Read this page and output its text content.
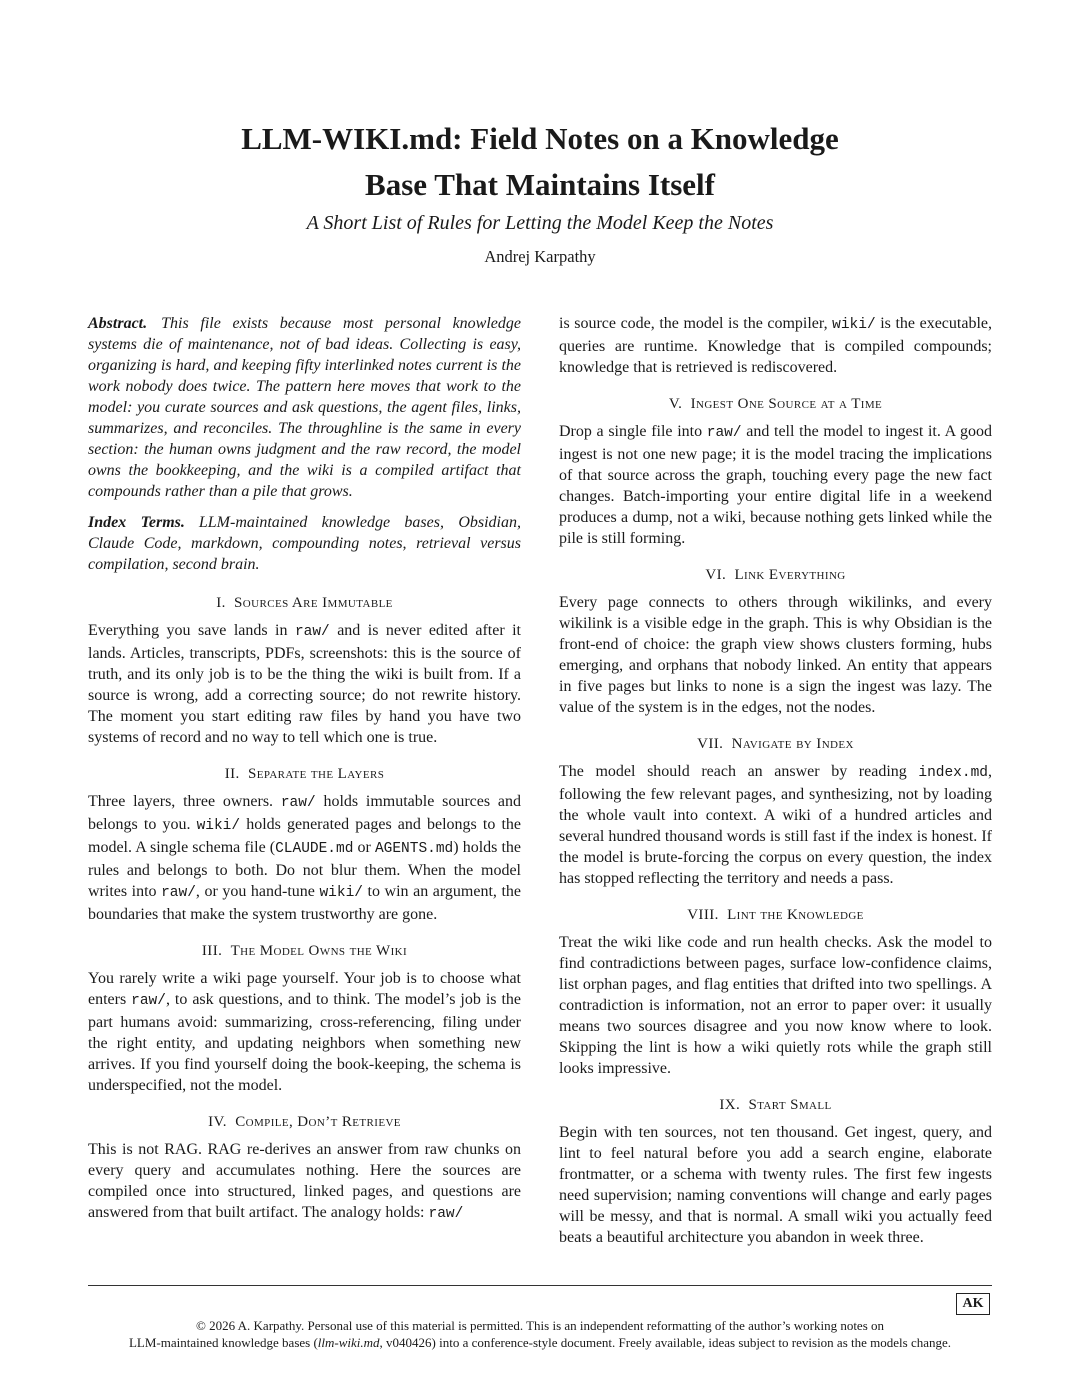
LLM-WIKI.md: Field Notes on a Knowledge
Base That Maintains Itself
A Short List of Rules for Letting the Model Keep the Notes
Andrej Karpathy

Abstract. This file exists because most personal knowledge systems die of maintenance, not of bad ideas. Collecting is easy, organizing is hard, and keeping fifty interlinked notes current is the work nobody does twice. The pattern here moves that work to the model: you curate sources and ask questions, the agent files, links, summarizes, and reconciles. The throughline is the same in every section: the human owns judgment and the raw record, the model owns the bookkeeping, and the wiki is a compiled artifact that compounds rather than a pile that grows.

Index Terms. LLM-maintained knowledge bases, Obsidian, Claude Code, markdown, compounding notes, retrieval versus compilation, second brain.

I. Sources Are Immutable

Everything you save lands in raw/ and is never edited after it lands. Articles, transcripts, PDFs, screenshots: this is the source of truth, and its only job is to be the thing the wiki is built from. If a source is wrong, add a correcting source; do not rewrite history. The moment you start editing raw files by hand you have two systems of record and no way to tell which one is true.

II. Separate the Layers

Three layers, three owners. raw/ holds immutable sources and belongs to you. wiki/ holds generated pages and belongs to the model. A single schema file (CLAUDE.md or AGENTS.md) holds the rules and belongs to both. Do not blur them. When the model writes into raw/, or you hand-tune wiki/ to win an argument, the boundaries that make the system trustworthy are gone.

III. The Model Owns the Wiki

You rarely write a wiki page yourself. Your job is to choose what enters raw/, to ask questions, and to think. The model’s job is the part humans avoid: summarizing, cross-referencing, filing under the right entity, and updating neighbors when something new arrives. If you find yourself doing the book-keeping, the schema is underspecified, not the model.

IV. Compile, Don’t Retrieve

This is not RAG. RAG re-derives an answer from raw chunks on every query and accumulates nothing. Here the sources are compiled once into structured, linked pages, and questions are answered from that built artifact. The analogy holds: raw/

is source code, the model is the compiler, wiki/ is the executable, queries are runtime. Knowledge that is compiled compounds; knowledge that is retrieved is rediscovered.

V. Ingest One Source at a Time

Drop a single file into raw/ and tell the model to ingest it. A good ingest is not one new page; it is the model tracing the implications of that source across the graph, touching every page the new fact changes. Batch-importing your entire digital life in a weekend produces a dump, not a wiki, because nothing gets linked while the pile is still forming.

VI. Link Everything

Every page connects to others through wikilinks, and every wikilink is a visible edge in the graph. This is why Obsidian is the front-end of choice: the graph view shows clusters forming, hubs emerging, and orphans that nobody linked. An entity that appears in five pages but links to none is a sign the ingest was lazy. The value of the system is in the edges, not the nodes.

VII. Navigate by Index

The model should reach an answer by reading index.md, following the few relevant pages, and synthesizing, not by loading the whole vault into context. A wiki of a hundred articles and several hundred thousand words is still fast if the index is honest. If the model is brute-forcing the corpus on every question, the index has stopped reflecting the territory and needs a pass.

VIII. Lint the Knowledge

Treat the wiki like code and run health checks. Ask the model to find contradictions between pages, surface low-confidence claims, list orphan pages, and flag entities that drifted into two spellings. A contradiction is information, not an error to paper over: it usually means two sources disagree and you now know where to look. Skipping the lint is how a wiki quietly rots while the graph still looks impressive.

IX. Start Small

Begin with ten sources, not ten thousand. Get ingest, query, and lint to feel natural before you add a search engine, elaborate frontmatter, or a schema with twenty rules. The first few ingests need supervision; naming conventions will change and early pages will be messy, and that is normal. A small wiki you actually feed beats a beautiful architecture you abandon in week three.

AK
© 2026 A. Karpathy. Personal use of this material is permitted. This is an independent reformatting of the author’s working notes on
LLM-maintained knowledge bases (llm-wiki.md, v040426) into a conference-style document. Freely available, ideas subject to revision as the models change.
